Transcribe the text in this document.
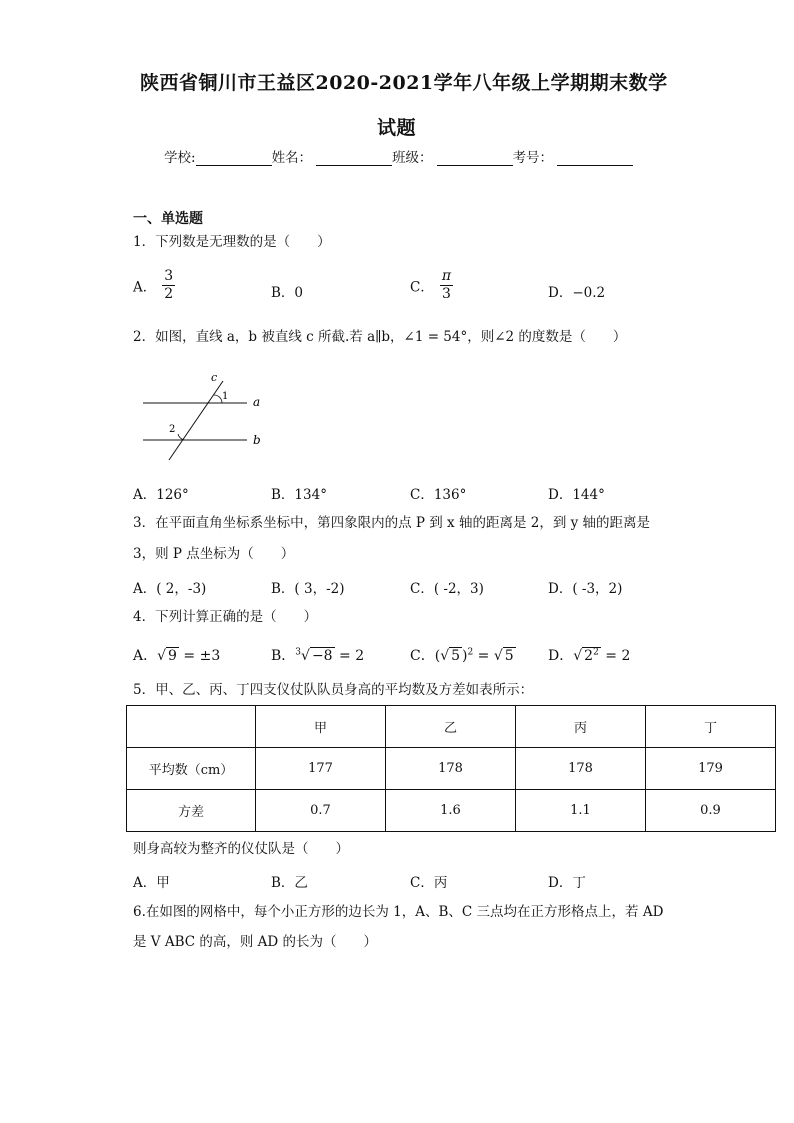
陕西省铜川市王益区2020-2021学年八年级上学期期末数学
试题
学校:	姓名：	班级：	考号：
一、单选题
1．下列数是无理数的是（　　）
A． $\frac{3}{2}$	B．0	C． $\frac{\pi}{3}$	D．−0.2
2．如图，直线 a，b 被直线 c 所截.若 a∥b，∠1 = 54°，则∠2 的度数是（　　）
c
1 a
2
b
A．126°	B．134°	C．136°	D．144°
3．在平面直角坐标系坐标中，第四象限内的点 P 到 x 轴的距离是 2，到 y 轴的距离是
3，则 P 点坐标为（　　）
A．( 2，-3)	B．( 3，-2)	C．( -2，3)	D．( -3，2)
4．下列计算正确的是（　　）
A．√ 9 = ±3	B．$^3$√ −8 = 2	C．(√ 5 )$^2$ = √ 5 D．√ $2^2 = 2$
5．甲、乙、丙、丁四支仪仗队队员身高的平均数及方差如表所示：
	甲	乙	丙	丁
平均数（cm）	177	178	178	179
方差	0.7	1.6	1.1	0.9
则身高较为整齐的仪仗队是（　　）
A．甲	B．乙	C．丙	D．丁
6.在如图的网格中，每个小正方形的边长为 1，A、B、C 三点均在正方形格点上，若 AD
是 V ABC 的高，则 AD 的长为（　　）
